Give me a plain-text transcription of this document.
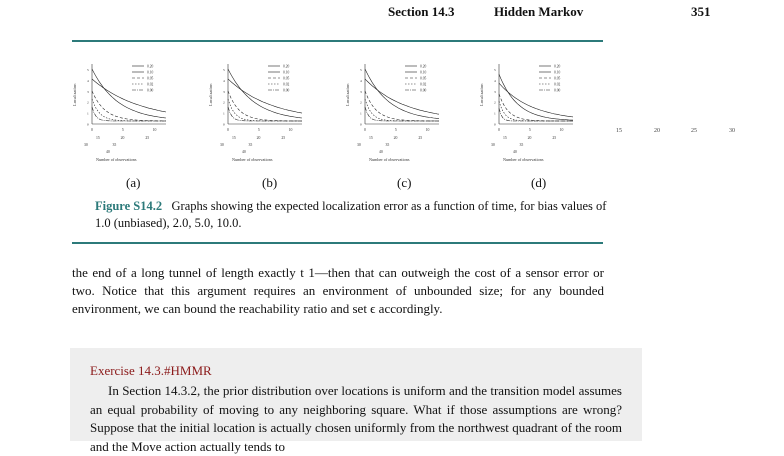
Section 14.3	Hidden Markov	351
Localization
0
1
2
3
4
5
0.20
0.10
0.05
0.02
0.00
0	5	10
15	20	25
30	35
40
Number of observations
Localization
0
1
2
3
4
5
0.20
0.10
0.05
0.02
0.00
0	5	10
15	20	25
30	35
40
Number of observations
Localization
0
1
2
3
4
5
0.20
0.10
0.05
0.02
0.00
0	5	10
15	20	25
30	35
40
Number of observations
Localization
0
1
2
3
4
5
0.20
0.10
0.05
0.02
0.00
0	5	10
15	20	25
30	35
40
Number of observations
15	20	25	30
(a)	(b)	(c)	(d)
Figure S14.2 Graphs showing the expected localization error as a function of time, for bias values of 1.0 (unbiased), 2.0, 5.0, 10.0.
the end of a long tunnel of length exactly t 1—then that can outweigh the cost of a sensor error or two. Notice that this argument requires an environment of unbounded size; for any bounded environment, we can bound the reachability ratio and set ϵ accordingly.
Exercise 14.3.#HMMR
In Section 14.3.2, the prior distribution over locations is uniform and the transition model assumes an equal probability of moving to any neighboring square. What if those assumptions are wrong? Suppose that the initial location is actually chosen uniformly from the northwest quadrant of the room and the Move action actually tends to
